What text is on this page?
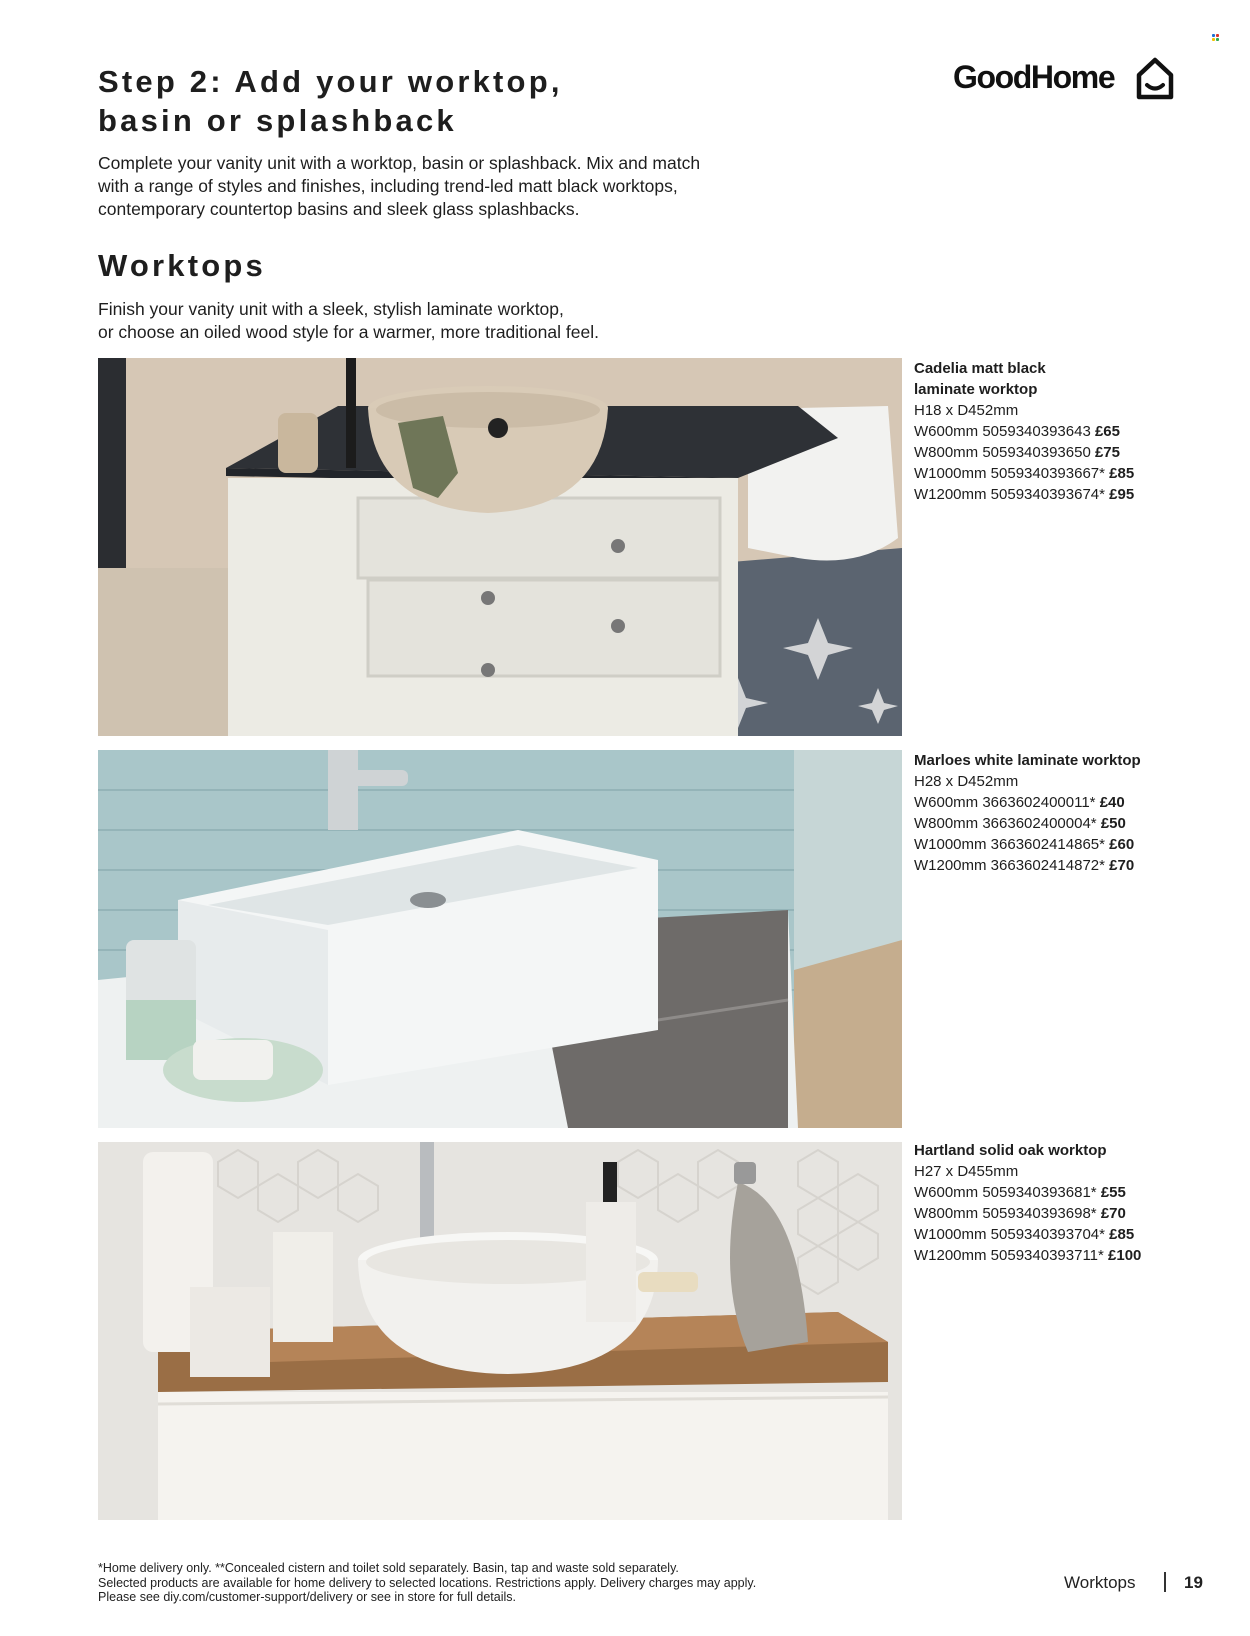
Step 2: Add your worktop,
basin or splashback
GoodHome
Complete your vanity unit with a worktop, basin or splashback. Mix and match
with a range of styles and finishes, including trend-led matt black worktops,
contemporary countertop basins and sleek glass splashbacks.
Worktops
Finish your vanity unit with a sleek, stylish laminate worktop,
or choose an oiled wood style for a warmer, more traditional feel.
Cadelia matt black
laminate worktop
H18 x D452mm
W600mm 5059340393643 £65
W800mm 5059340393650 £75
W1000mm 5059340393667* £85
W1200mm 5059340393674* £95
Marloes white laminate worktop
H28 x D452mm
W600mm 3663602400011* £40
W800mm 3663602400004* £50
W1000mm 3663602414865* £60
W1200mm 3663602414872* £70
Hartland solid oak worktop
H27 x D455mm
W600mm 5059340393681* £55
W800mm 5059340393698* £70
W1000mm 5059340393704* £85
W1200mm 5059340393711* £100
*Home delivery only. **Concealed cistern and toilet sold separately. Basin, tap and waste sold separately.
Selected products are available for home delivery to selected locations. Restrictions apply. Delivery charges may apply.
Please see diy.com/customer-support/delivery or see in store for full details.
Worktops	19
